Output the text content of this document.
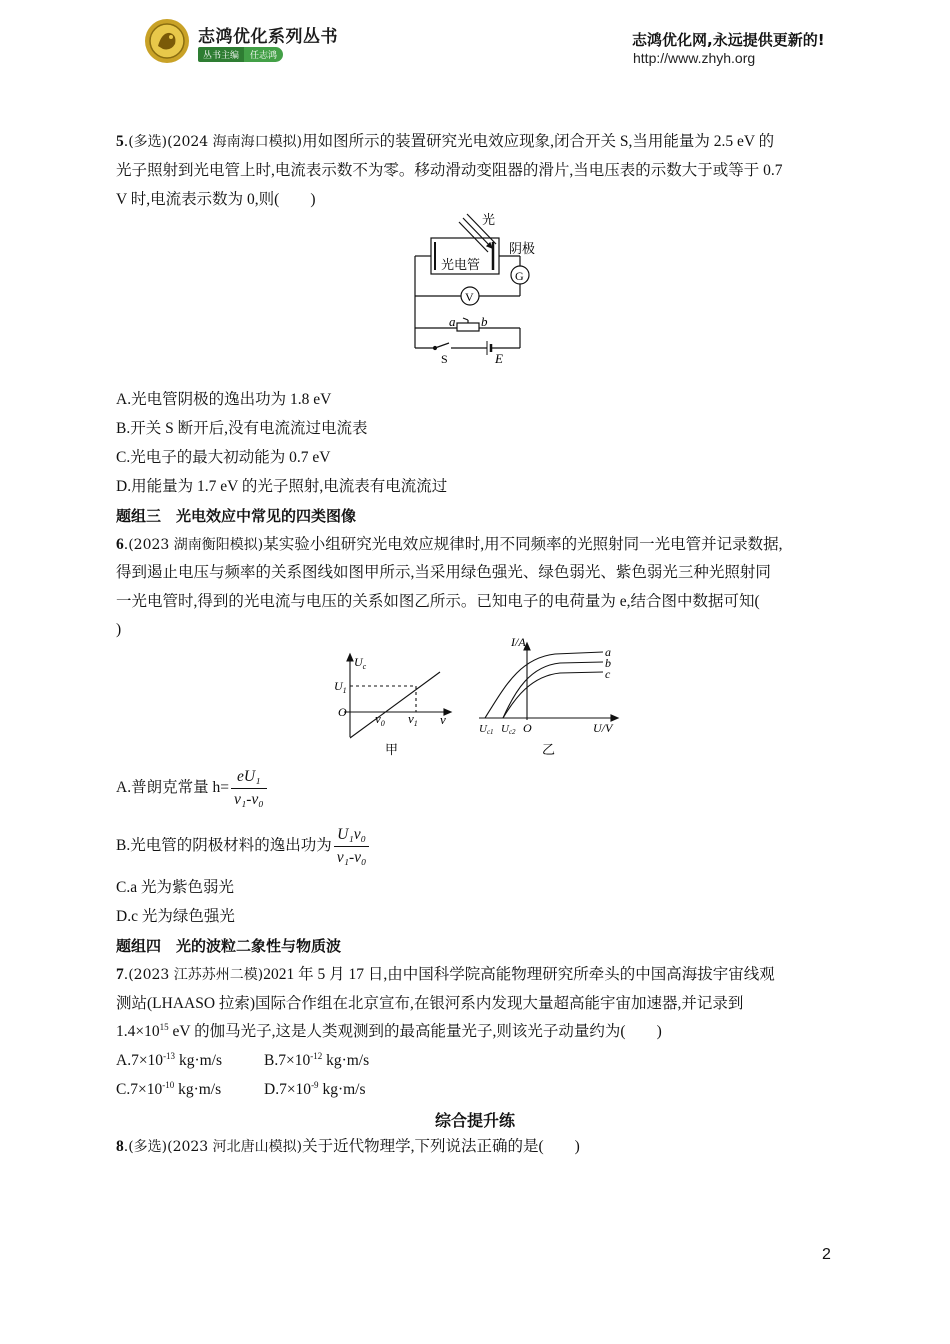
志鸿优化系列丛书
丛书主编 任志鸿
志鸿优化网,永远提供更新的!
http://www.zhyh.org
5.(多选)(2024 海南海口模拟)用如图所示的装置研究光电效应现象,闭合开关 S,当用能量为 2.5 eV 的
光子照射到光电管上时,电流表示数不为零。移动滑动变阻器的滑片,当电压表的示数大于或等于 0.7
V 时,电流表示数为 0,则(　　)
光
阴极
光电管
G
V
a b
S	E
A.光电管阴极的逸出功为 1.8 eV
B.开关 S 断开后,没有电流流过电流表
C.光电子的最大初动能为 0.7 eV
D.用能量为 1.7 eV 的光子照射,电流表有电流流过
题组三　光电效应中常见的四类图像
6.(2023 湖南衡阳模拟)某实验小组研究光电效应规律时,用不同频率的光照射同一光电管并记录数据,
得到遏止电压与频率的关系图线如图甲所示,当采用绿色强光、绿色弱光、紫色弱光三种光照射同
一光电管时,得到的光电流与电压的关系如图乙所示。已知电子的电荷量为 e,结合图中数据可知(
)
$U_c$
$U_1$
O $\nu_0$ $\nu_1$ ν
甲
I/A
a
b
c
Uc1 Uc2 O	U/V
乙
A.普朗克常量 $h= \frac{\text{eU₁}}{\text{ν₁-ν₀}}$
B.光电管的阴极材料的逸出功为 $\frac{\text{U₁ν₀}}{\text{ν₁-ν₀}}$
C.a 光为紫色弱光
D.c 光为绿色强光
题组四　光的波粒二象性与物质波
7.(2023 江苏苏州二模)2021 年 5 月 17 日,由中国科学院高能物理研究所牵头的中国高海拔宇宙线观
测站(LHAASO 拉索)国际合作组在北京宣布,在银河系内发现大量超高能宇宙加速器,并记录到
$1.4\times 10^{15}$ eV 的伽马光子,这是人类观测到的最高能量光子,则该光子动量约为(　　)
$A.7\times 10^{-13}$ kg·m/s	$B.7\times 10^{-12}$ kg·m/s
$C.7\times 10^{-10}$ kg·m/s	$D.7\times 10^{-9}$ kg·m/s
综合提升练
8.(多选)(2023 河北唐山模拟)关于近代物理学,下列说法正确的是(　　)
2
